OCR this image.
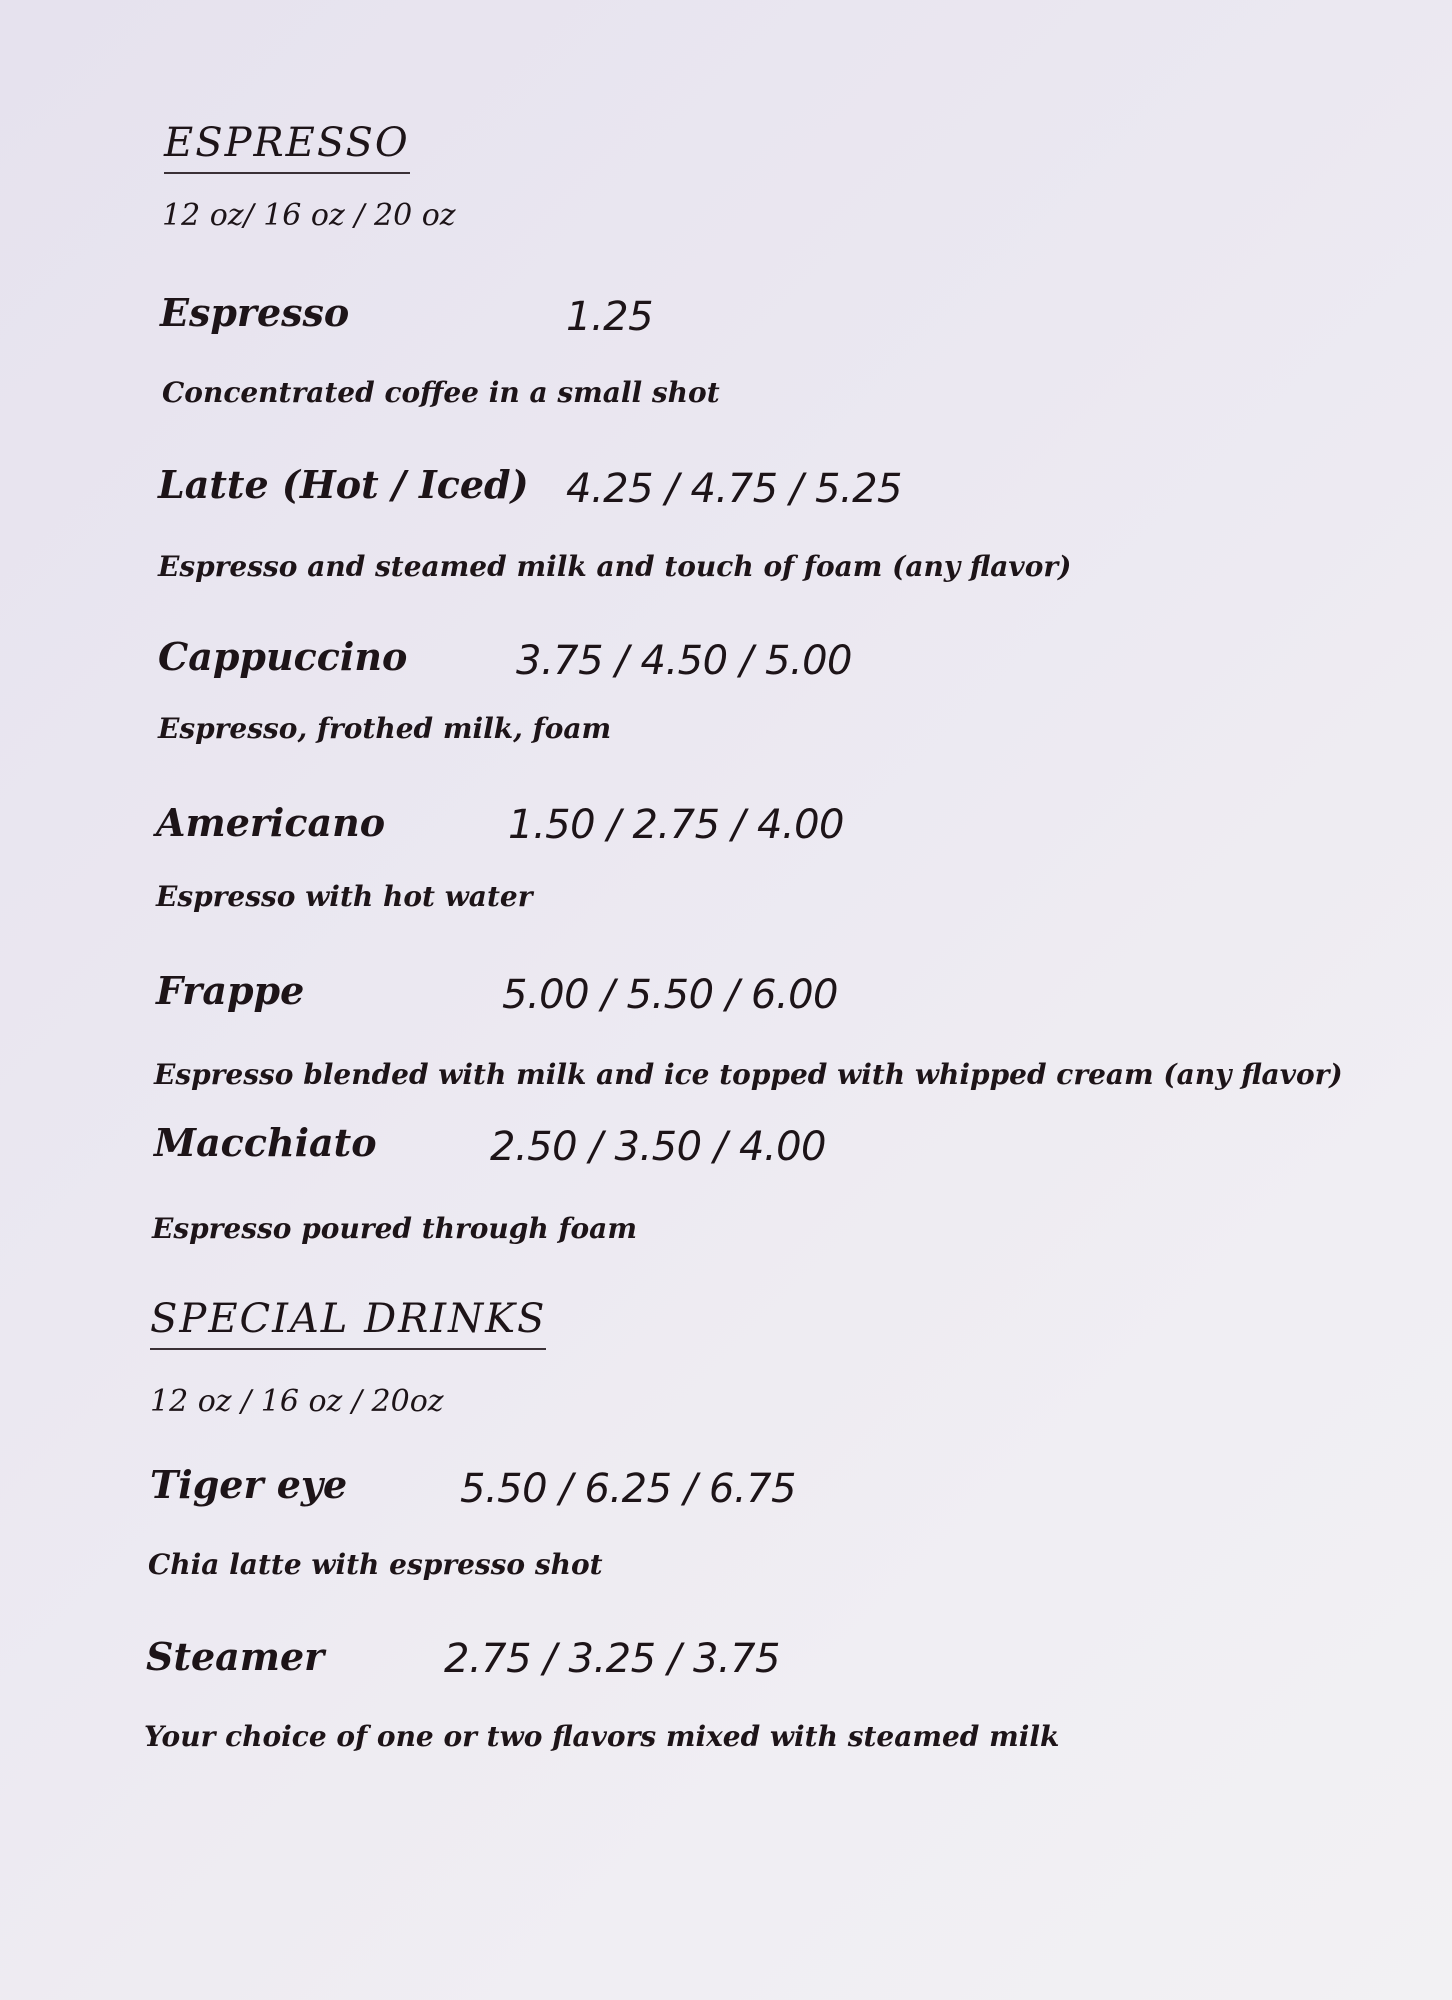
ESPRESSO
12 oz/ 16 oz / 20 oz
Espresso	1.25
Concentrated coffee in a small shot
Latte (Hot / Iced) 4.25 / 4.75 / 5.25
Espresso and steamed milk and touch of foam (any flavor)
Cappuccino	3.75 / 4.50 / 5.00
Espresso, frothed milk, foam
Americano	1.50 / 2.75 / 4.00
Espresso with hot water
Frappe	5.00 / 5.50 / 6.00
Espresso blended with milk and ice topped with whipped cream (any flavor)
Macchiato	2.50 / 3.50 / 4.00
Espresso poured through foam
SPECIAL DRINKS
12 oz / 16 oz / 20oz
Tiger eye	5.50 / 6.25 / 6.75
Chia latte with espresso shot
Steamer	2.75 / 3.25 / 3.75
Your choice of one or two flavors mixed with steamed milk
